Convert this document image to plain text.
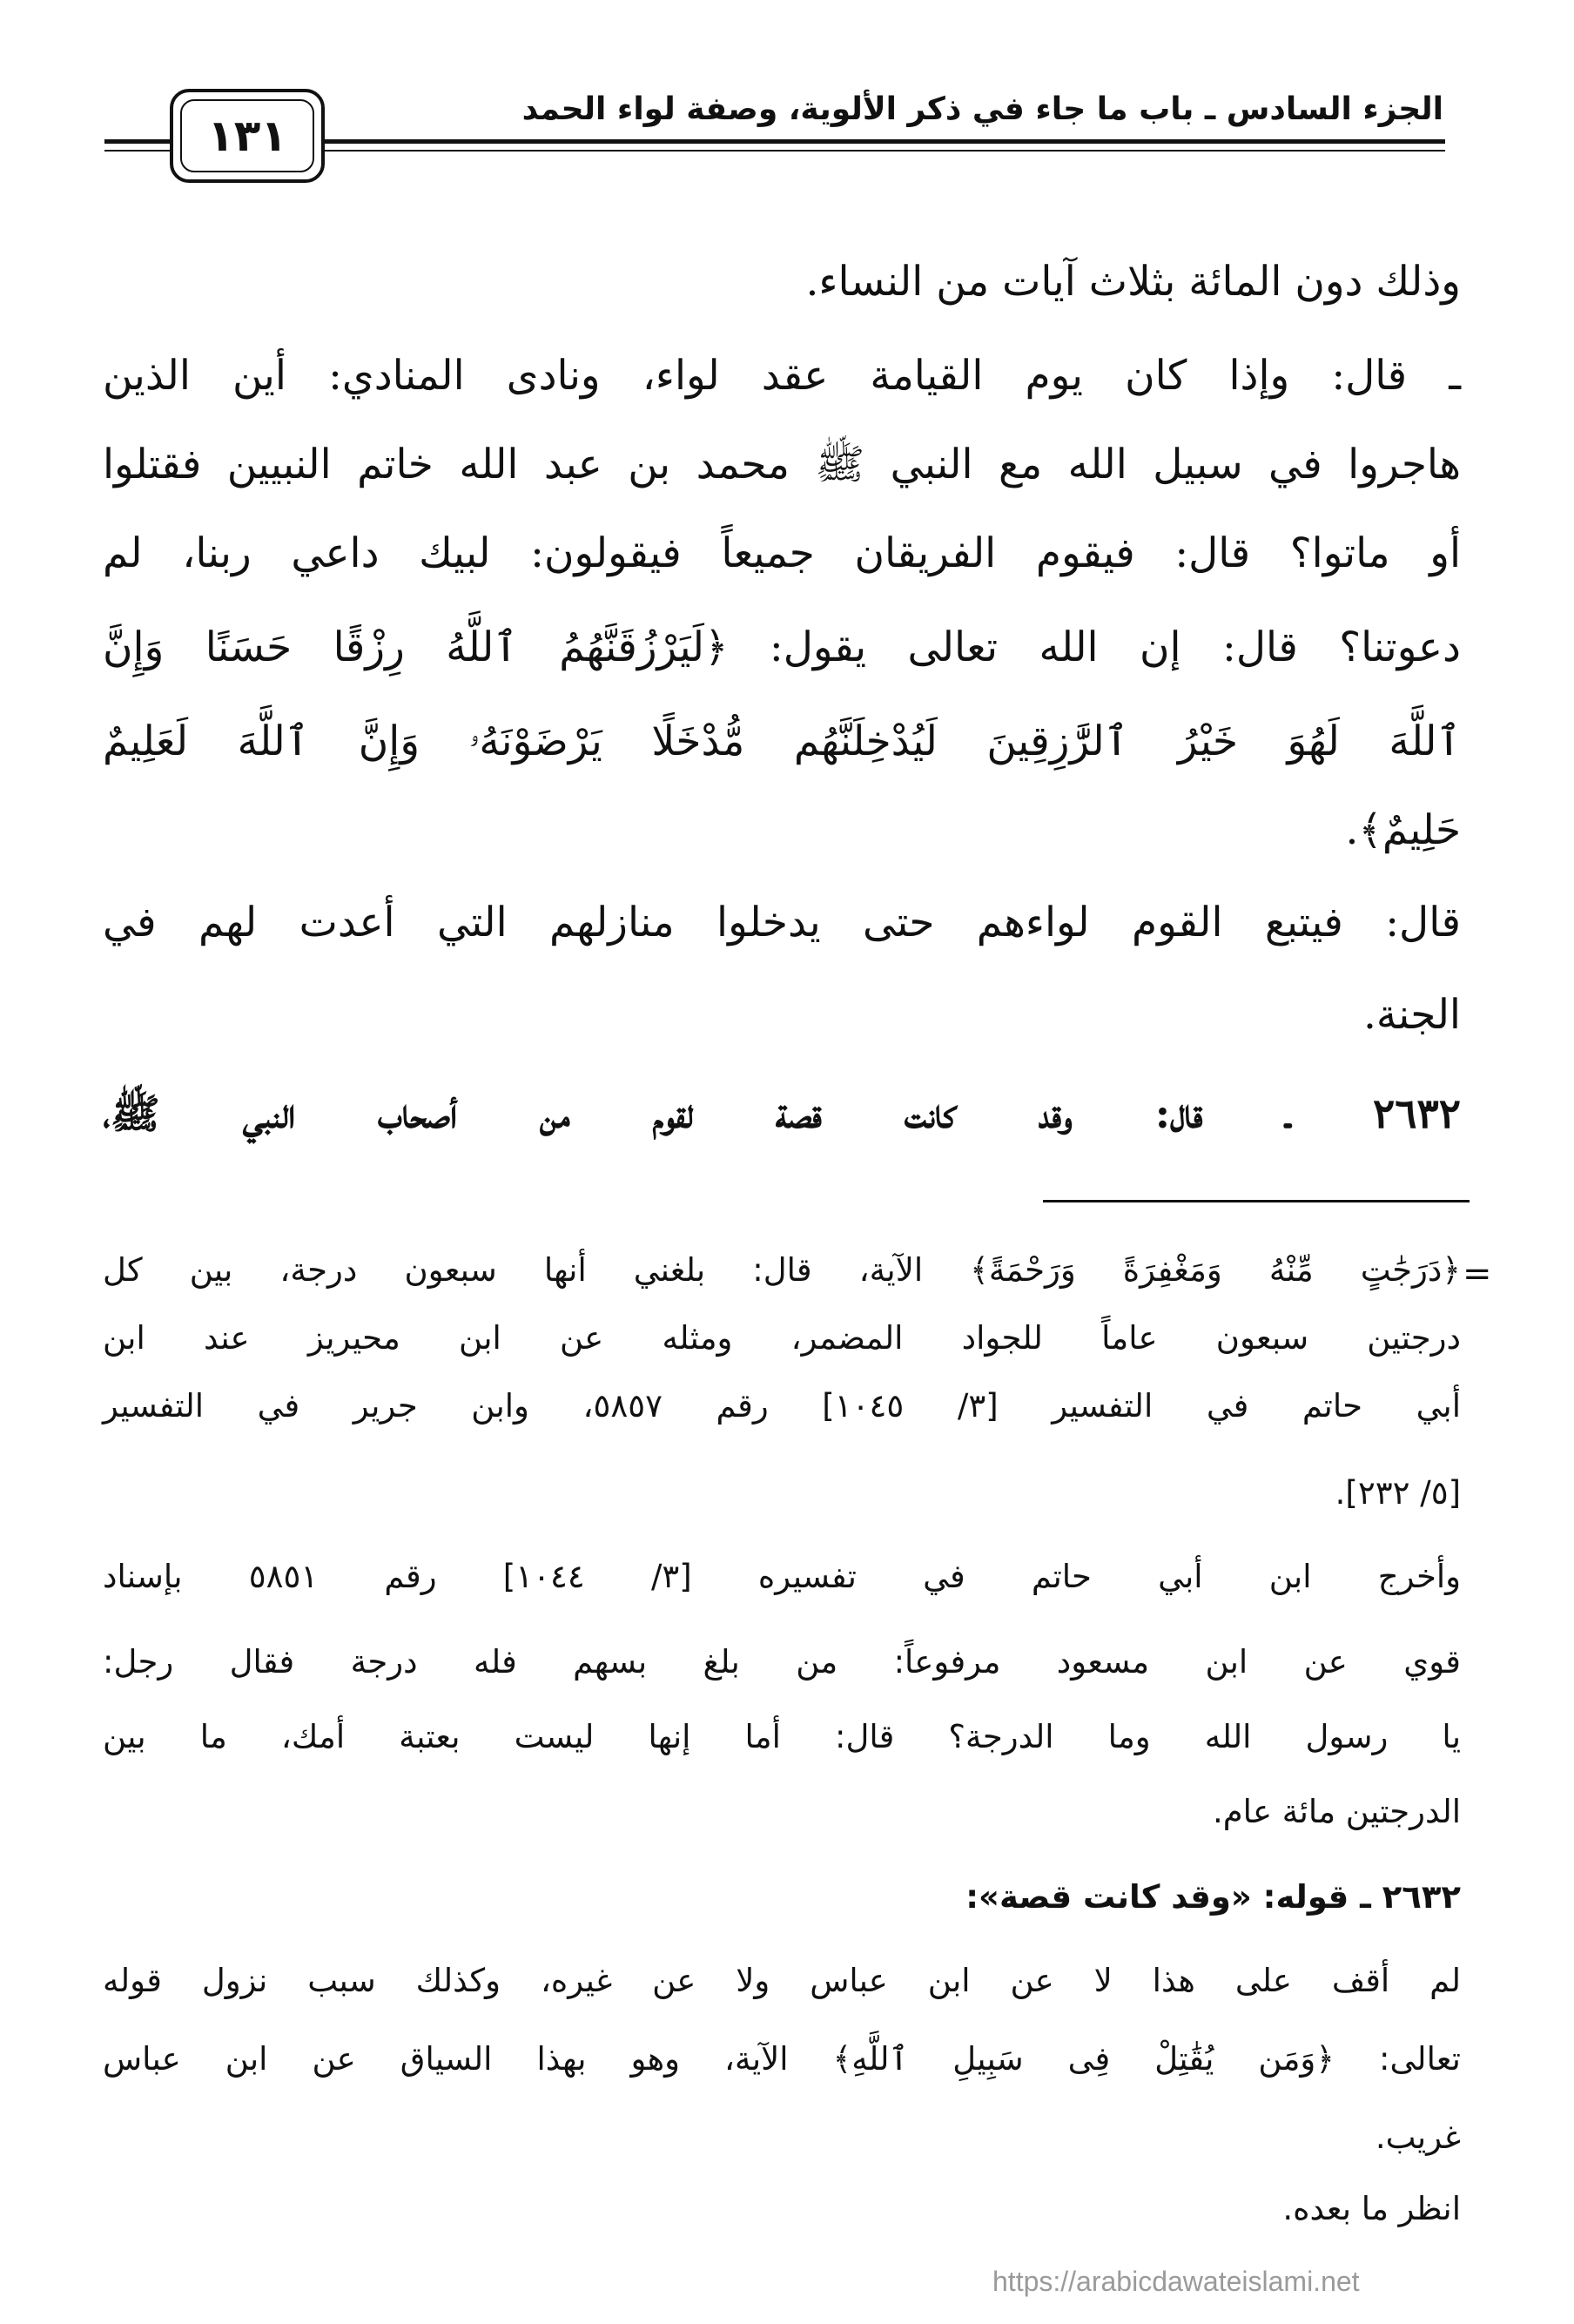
الجزء السادس ـ باب ما جاء في ذكر الألوية، وصفة لواء الحمد
١٣١
وذلك دون المائة بثلاث آيات من النساء.
ـ قال: وإذا كان يوم القيامة عقد لواء، ونادى المنادي: أين الذين
هاجروا في سبيل الله مع النبي ﷺ محمد بن عبد الله خاتم النبيين فقتلوا
أو ماتوا؟ قال: فيقوم الفريقان جميعاً فيقولون: لبيك داعي ربنا، لم
دعوتنا؟ قال: إن الله تعالى يقول: ﴿لَيَرْزُقَنَّهُمُ ٱللَّهُ رِزْقًا حَسَنًا وَإِنَّ
ٱللَّهَ لَهُوَ خَيْرُ ٱلرَّٰزِقِينَ لَيُدْخِلَنَّهُم مُّدْخَلًا يَرْضَوْنَهُۥ وَإِنَّ ٱللَّهَ لَعَلِيمٌ
حَلِيمٌ﴾.
قال: فيتبع القوم لواءهم حتى يدخلوا منازلهم التي أعدت لهم في
الجنة.
٢٦٣٢ ـ قال: وقد كانت قصة لقوم من أصحاب النبي ﷺ،
=
﴿دَرَجَٰتٍ مِّنْهُ وَمَغْفِرَةً وَرَحْمَةً﴾ الآية، قال: بلغني أنها سبعون درجة، بين كل
درجتين سبعون عاماً للجواد المضمر، ومثله عن ابن محيريز عند ابن
أبي حاتم في التفسير [٣/ ١٠٤٥] رقم ٥٨٥٧، وابن جرير في التفسير
[٥/ ٢٣٢].
وأخرج ابن أبي حاتم في تفسيره [٣/ ١٠٤٤] رقم ٥٨٥١ بإسناد
قوي عن ابن مسعود مرفوعاً: من بلغ بسهم فله درجة فقال رجل:
يا رسول الله وما الدرجة؟ قال: أما إنها ليست بعتبة أمك، ما بين
الدرجتين مائة عام.
٢٦٣٢ ـ قوله: «وقد كانت قصة»:
لم أقف على هذا لا عن ابن عباس ولا عن غيره، وكذلك سبب نزول قوله
تعالى: ﴿وَمَن يُقَٰتِلْ فِى سَبِيلِ ٱللَّهِ﴾ الآية، وهو بهذا السياق عن ابن عباس
غريب.
انظر ما بعده.
https://arabicdawateislami.net
